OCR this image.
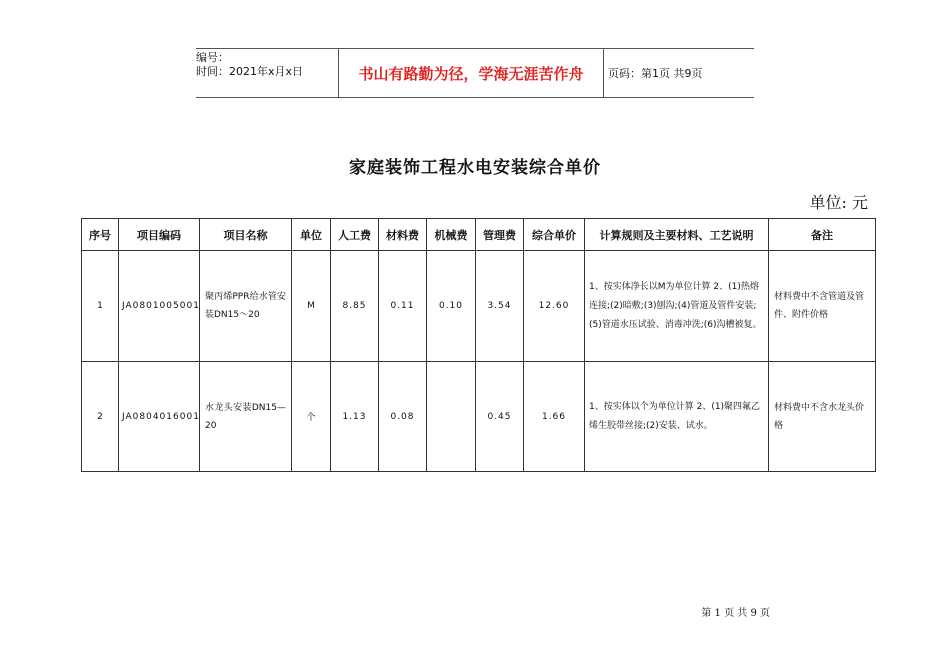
编号：
时间：2021年x月x日	书山有路勤为径，学海无涯苦作舟 页码：第1页 共9页
家庭装饰工程水电安装综合单价
单位: 元
序号	项目编码	项目名称	单位	人工费	材料费	机械费	管理费	综合单价	计算规则及主要材料、工艺说明	备注
1	JA0801005001	聚丙烯PPR给水管安装DN15～20	M	8.85	0.11	0.10	3.54	12.60	1、按实体净长以M为单位计算 2、(1)热熔连接;(2)暗敷;(3)刨沟;(4)管道及管件安装;(5)管道水压试验、消毒冲洗;(6)沟槽被复。	材料费中不含管道及管件、附件价格
2	JA0804016001	水龙头安装DN15—20	个	1.13	0.08		0.45	1.66	1、按实体以个为单位计算 2、(1)聚四氟乙烯生胶带丝接;(2)安装、试水。	材料费中不含水龙头价格
第 1 页 共 9 页
